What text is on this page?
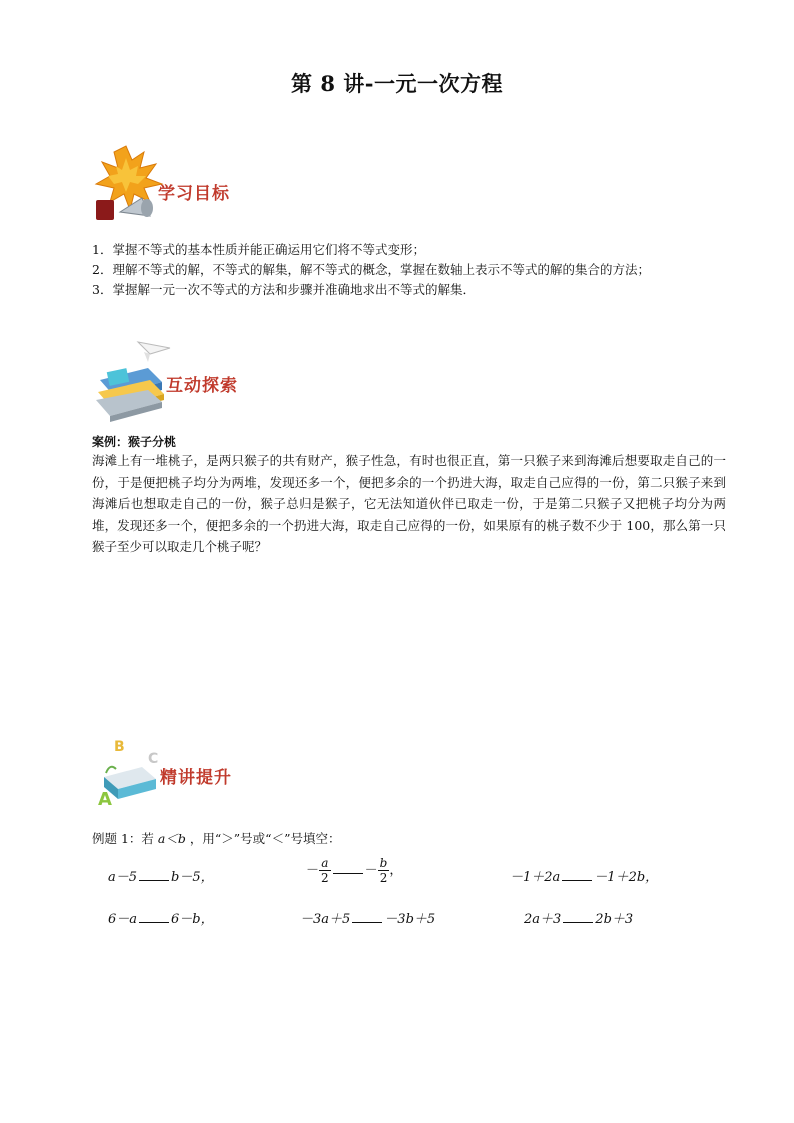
第 8 讲-一元一次方程
学习目标
1．掌握不等式的基本性质并能正确运用它们将不等式变形；
2．理解不等式的解，不等式的解集，解不等式的概念，掌握在数轴上表示不等式的解的集合的方法；
3．掌握解一元一次不等式的方法和步骤并准确地求出不等式的解集．
互动探索
案例：猴子分桃

海滩上有一堆桃子，是两只猴子的共有财产，猴子性急，有时也很正直，第一只猴子来到海滩后想要取走自己的一份，于是便把桃子均分为两堆，发现还多一个，便把多余的一个扔进大海，取走自己应得的一份，第二只猴子来到海滩后也想取走自己的一份，猴子总归是猴子，它无法知道伙伴已取走一份，于是第二只猴子又把桃子均分为两堆，发现还多一个，便把多余的一个扔进大海，取走自己应得的一份，如果原有的桃子数不少于 100，那么第一只猴子至少可以取走几个桃子呢？

B
C
A
精讲提升
例题 1：若 a＜b ，用“＞”号或“＜”号填空：
a－5	b－5，	－ $\frac{a}{2}$	－ $\frac{b}{2}$ ，	－1＋2a	－1＋2b，
6－a	6－b，	－3a＋5	－3b＋5	2a＋3	2b＋3
